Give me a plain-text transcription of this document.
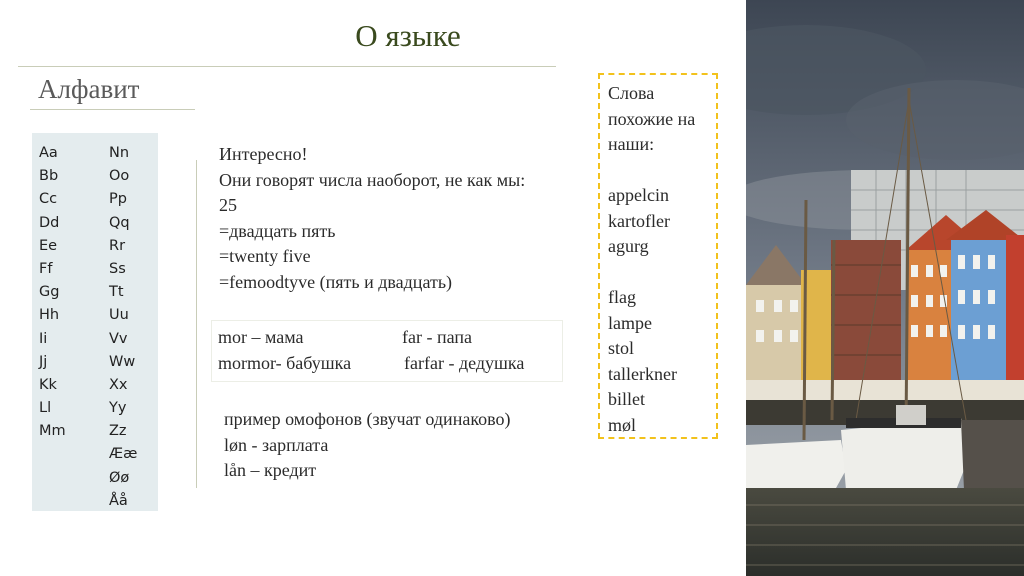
О языке
Алфавит
Aa
Bb
Cc
Dd
Ee
Ff
Gg
Hh
Ii
Jj
Kk
Ll
Mm
Nn
Oo
Pp
Qq
Rr
Ss
Tt
Uu
Vv
Ww
Xx
Yy
Zz
Ææ
Øø
Åå
Интересно!
Они говорят числа наоборот, не как мы:
25
=двадцать пять
=twenty five
=femoodtyve (пять и двадцать)
mor – мама	far - папа
mormor- бабушка	farfar - дедушка
пример омофонов (звучат одинаково)
løn - зарплата
lån – кредит
Слова
похожие на
наши:
appelcin
kartofler
agurg
flag
lampe
stol
tallerkner
billet
møl
